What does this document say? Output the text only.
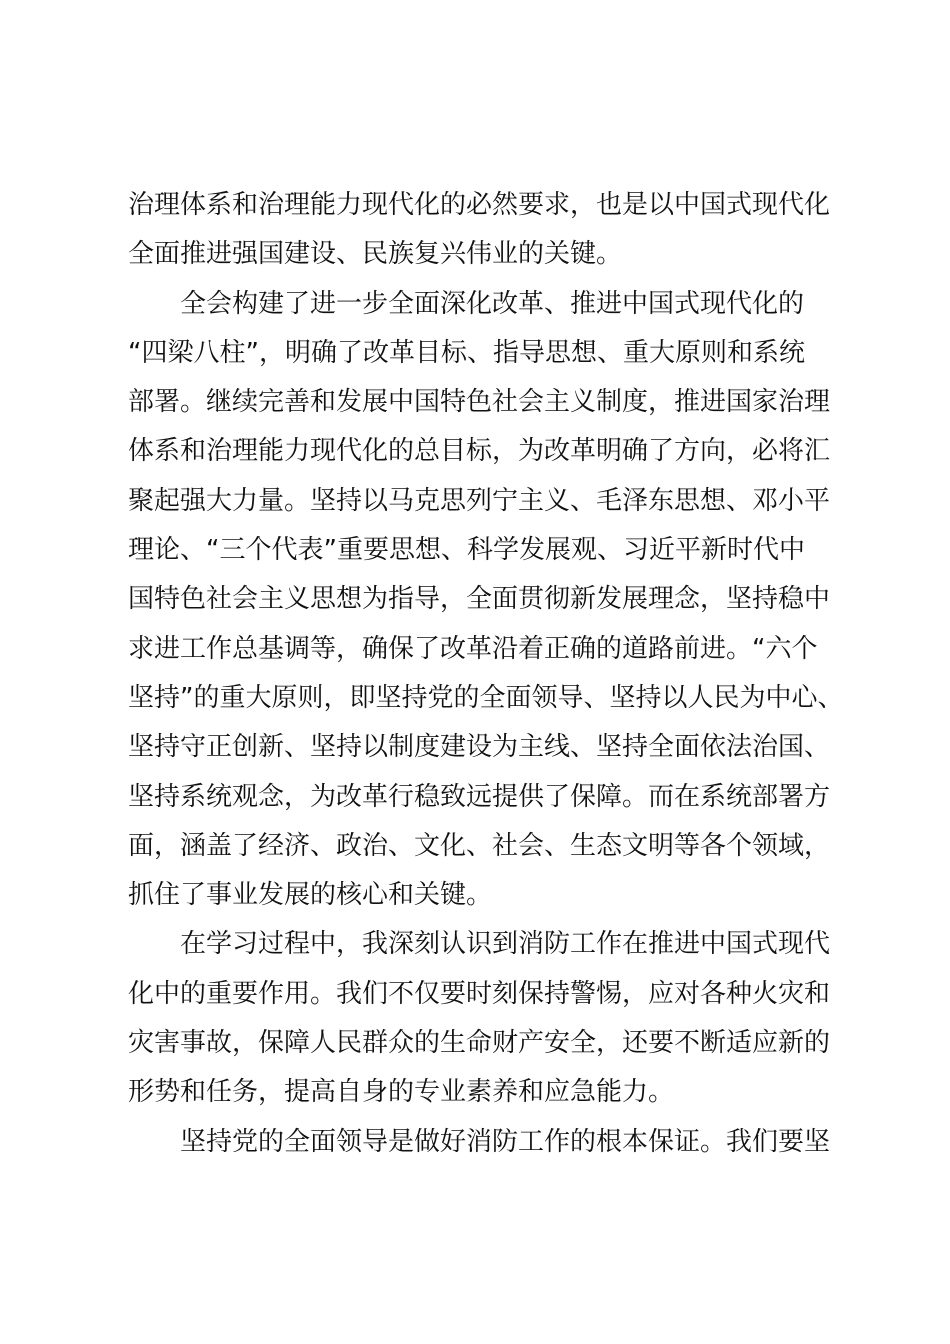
治理体系和治理能力现代化的必然要求，也是以中国式现代化
全面推进强国建设、民族复兴伟业的关键。
全会构建了进一步全面深化改革、推进中国式现代化的
“四梁八柱”，明确了改革目标、指导思想、重大原则和系统
部署。继续完善和发展中国特色社会主义制度，推进国家治理
体系和治理能力现代化的总目标，为改革明确了方向，必将汇
聚起强大力量。坚持以马克思列宁主义、毛泽东思想、邓小平
理论、“三个代表”重要思想、科学发展观、习近平新时代中
国特色社会主义思想为指导，全面贯彻新发展理念，坚持稳中
求进工作总基调等，确保了改革沿着正确的道路前进。“六个
坚持”的重大原则，即坚持党的全面领导、坚持以人民为中心、
坚持守正创新、坚持以制度建设为主线、坚持全面依法治国、
坚持系统观念，为改革行稳致远提供了保障。而在系统部署方
面，涵盖了经济、政治、文化、社会、生态文明等各个领域，
抓住了事业发展的核心和关键。
在学习过程中，我深刻认识到消防工作在推进中国式现代
化中的重要作用。我们不仅要时刻保持警惕，应对各种火灾和
灾害事故，保障人民群众的生命财产安全，还要不断适应新的
形势和任务，提高自身的专业素养和应急能力。
坚持党的全面领导是做好消防工作的根本保证。我们要坚
